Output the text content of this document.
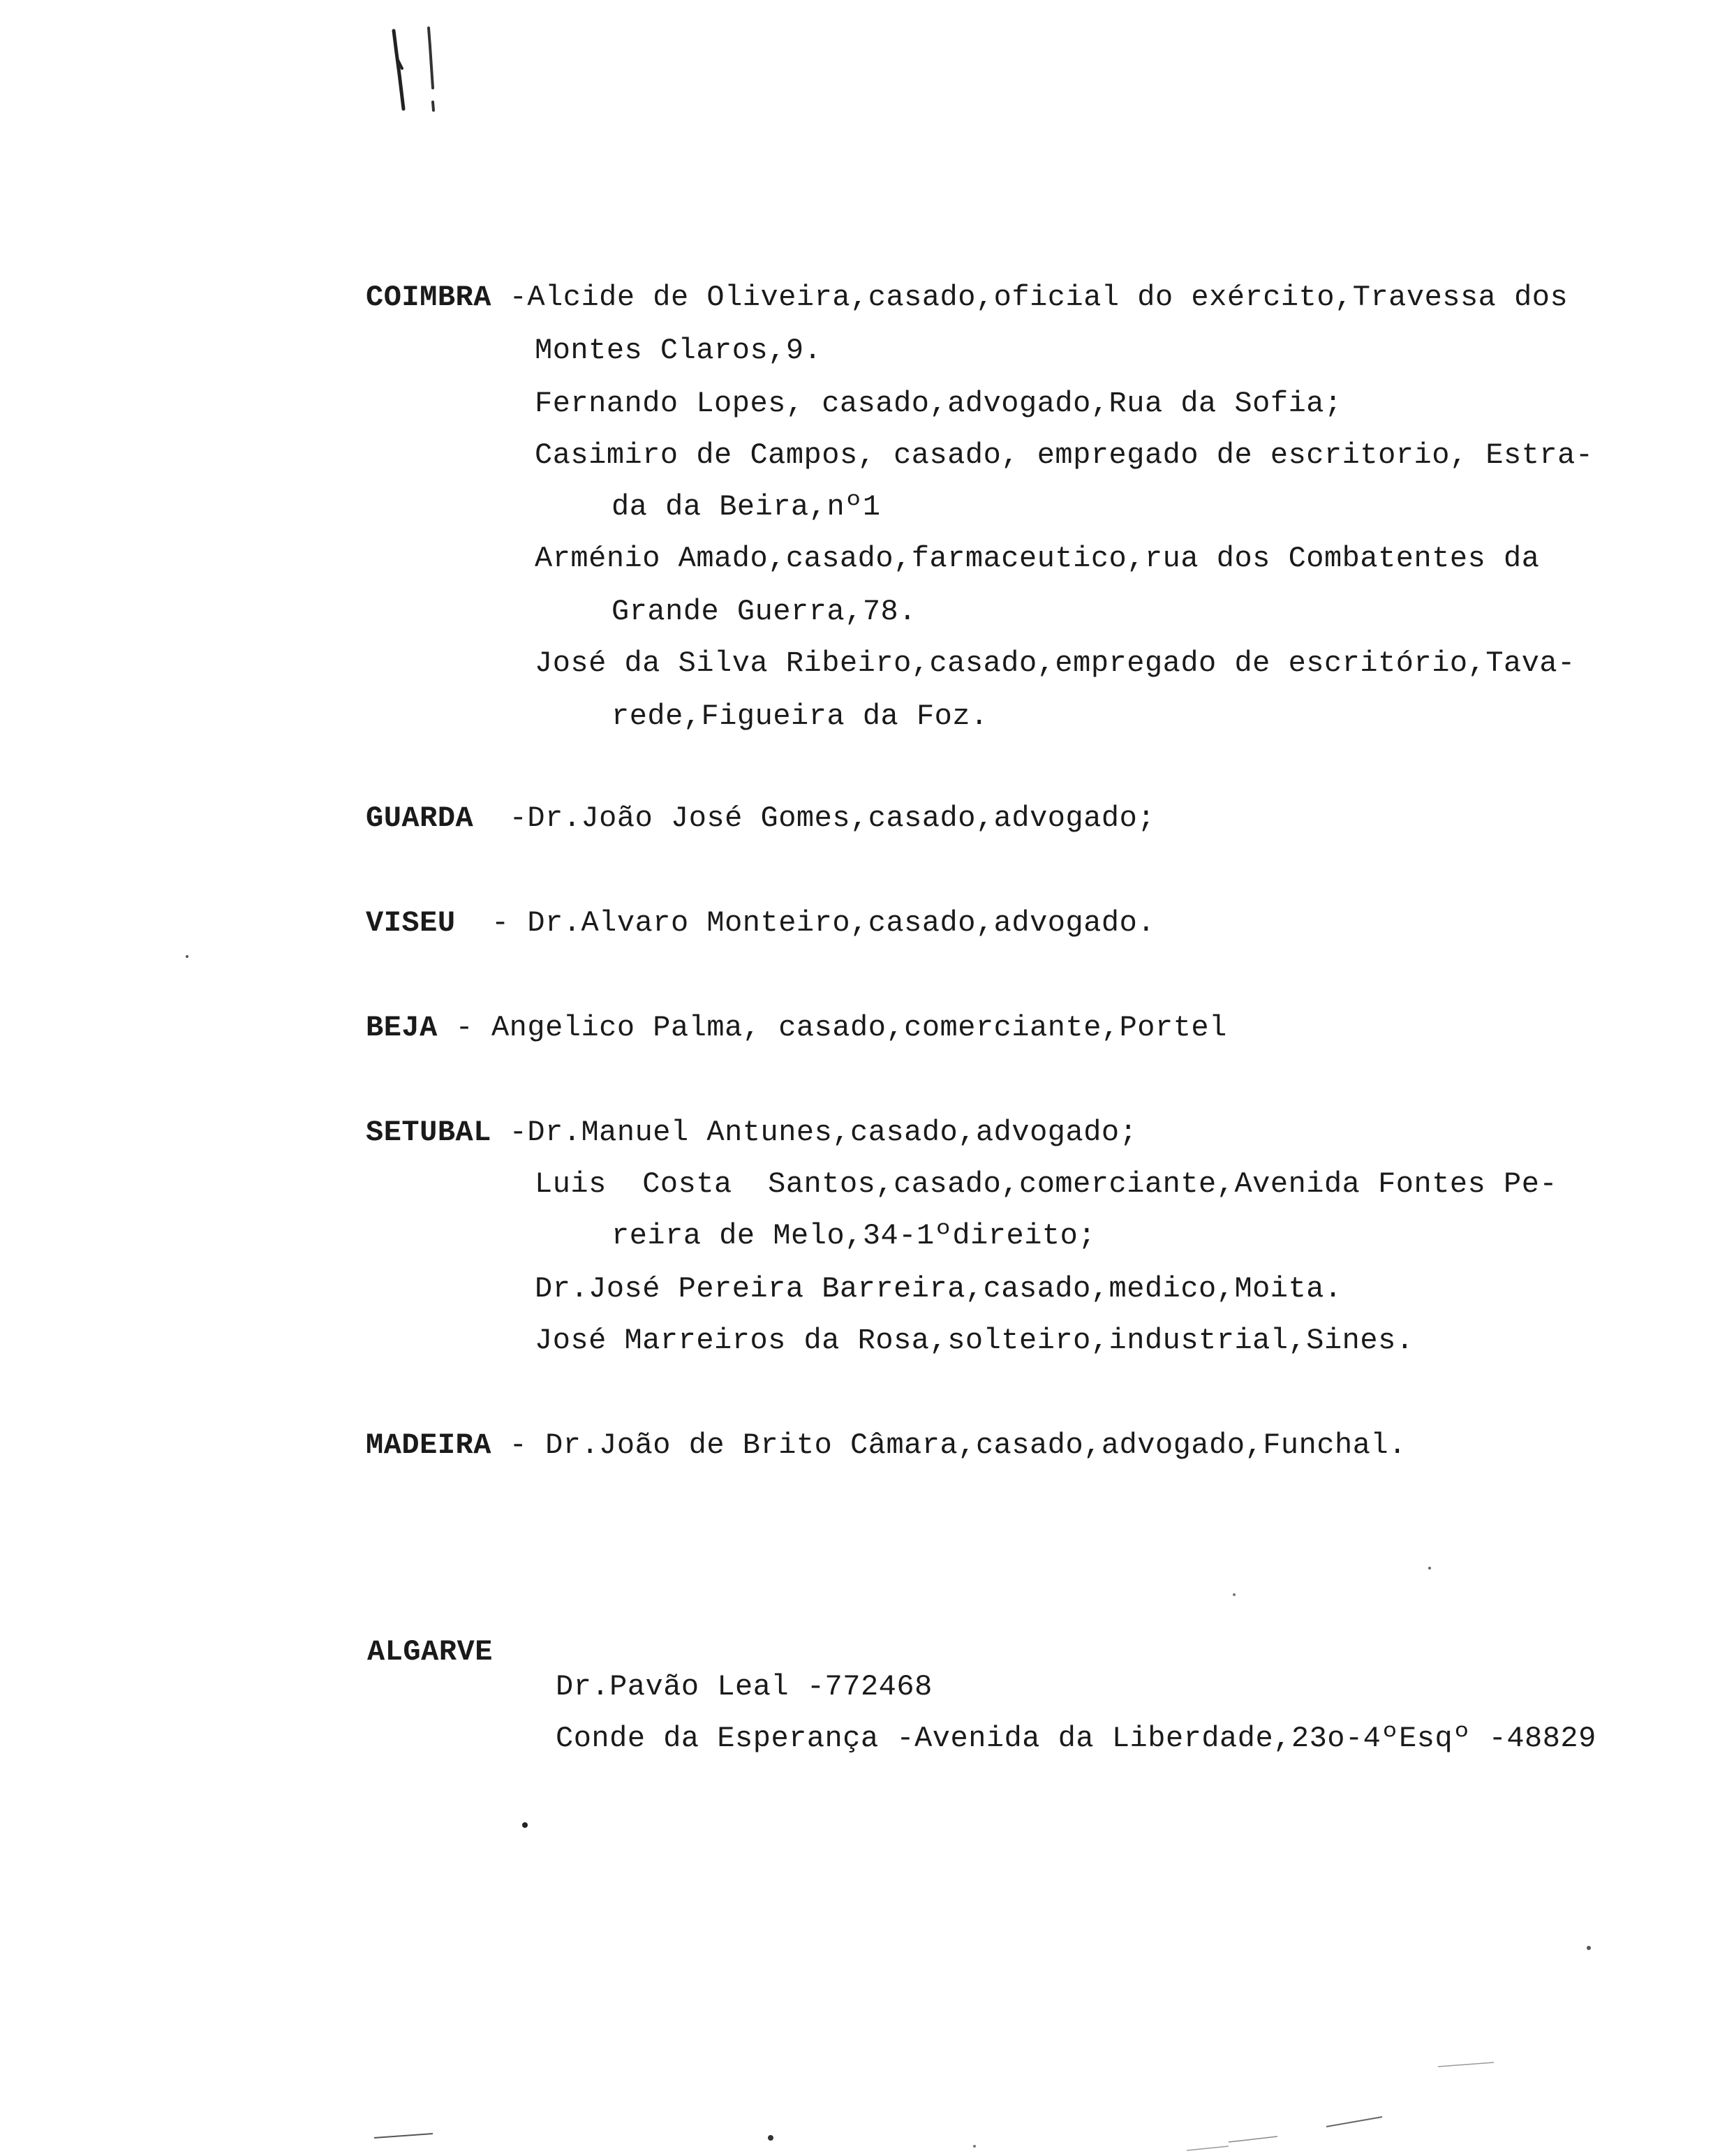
COIMBRA -Alcide de Oliveira,casado,oficial do exército,Travessa dos
Montes Claros,9.
Fernando Lopes, casado,advogado,Rua da Sofia;
Casimiro de Campos, casado, empregado de escritorio, Estra-
da da Beira,nº1
Arménio Amado,casado,farmaceutico,rua dos Combatentes da
Grande Guerra,78.
José da Silva Ribeiro,casado,empregado de escritório,Tava-
rede,Figueira da Foz.
GUARDA -Dr.João José Gomes,casado,advogado;
VISEU - Dr.Alvaro Monteiro,casado,advogado.
BEJA - Angelico Palma, casado,comerciante,Portel
SETUBAL -Dr.Manuel Antunes,casado,advogado;
Luis  Costa  Santos,casado,comerciante,Avenida Fontes Pe-
reira de Melo,34-1ºdireito;
Dr.José Pereira Barreira,casado,medico,Moita.
José Marreiros da Rosa,solteiro,industrial,Sines.
MADEIRA - Dr.João de Brito Câmara,casado,advogado,Funchal.
ALGARVE
Dr.Pavão Leal -772468
Conde da Esperança -Avenida da Liberdade,23o-4ºEsqº -48829
